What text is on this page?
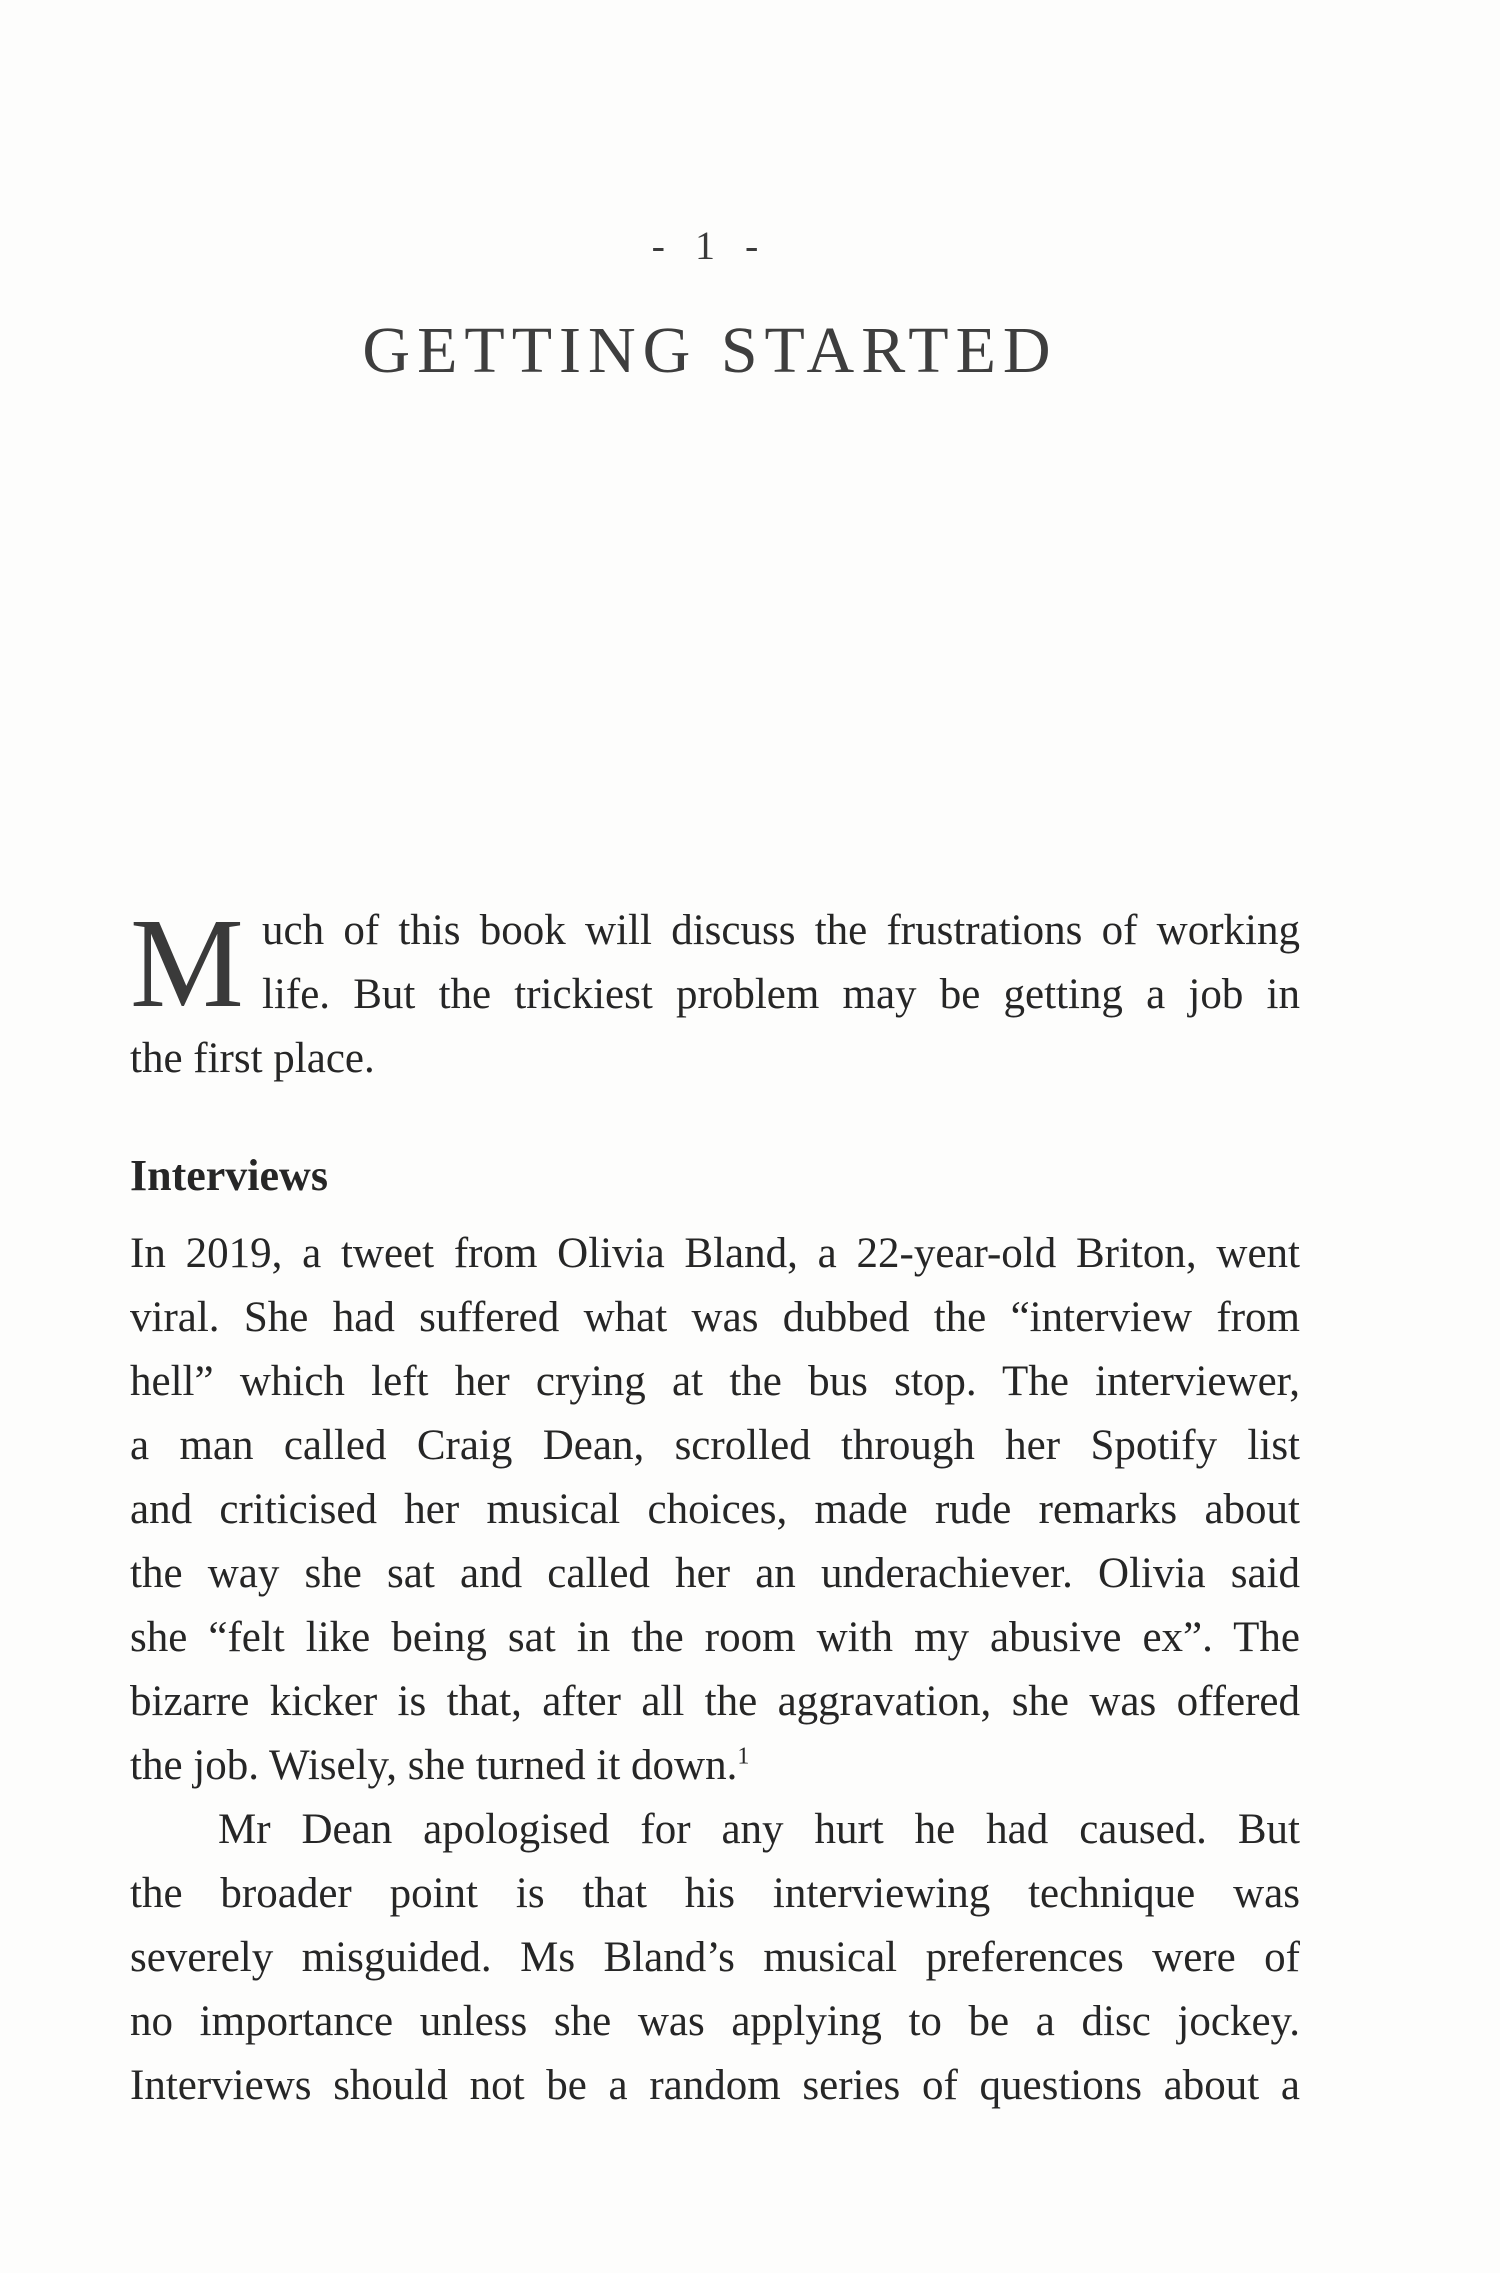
- 1 -
GETTING STARTED
M uch of this book will discuss the frustrations of working
life. But the trickiest problem may be getting a job in
the first place.
Interviews
In 2019, a tweet from Olivia Bland, a 22-year-old Briton, went
viral. She had suffered what was dubbed the “interview from
hell” which left her crying at the bus stop. The interviewer,
a man called Craig Dean, scrolled through her Spotify list
and criticised her musical choices, made rude remarks about
the way she sat and called her an underachiever. Olivia said
she “felt like being sat in the room with my abusive ex”. The
bizarre kicker is that, after all the aggravation, she was offered
the job. Wisely, she turned it down.$^1$
Mr Dean apologised for any hurt he had caused. But
the broader point is that his interviewing technique was
severely misguided. Ms Bland’s musical preferences were of
no importance unless she was applying to be a disc jockey.
Interviews should not be a random series of questions about a
